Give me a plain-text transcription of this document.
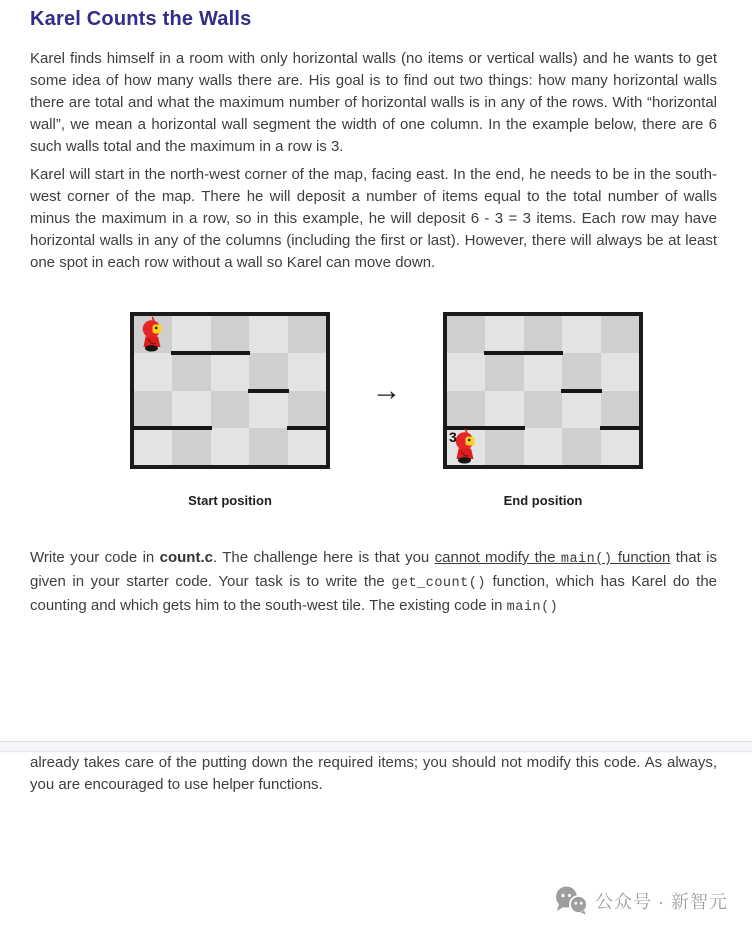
Karel Counts the Walls

Karel finds himself in a room with only horizontal walls (no items or vertical walls) and he wants to get some idea of how many walls there are. His goal is to find out two things: how many horizontal walls there are total and what the maximum number of horizontal walls is in any of the rows. With “horizontal wall”, we mean a horizontal wall segment the width of one column. In the example below, there are 6 such walls total and the maximum in a row is 3.

Karel will start in the north-west corner of the map, facing east. In the end, he needs to be in the south-west corner of the map. There he will deposit a number of items equal to the total number of walls minus the maximum in a row, so in this example, he will deposit 6 - 3 = 3 items. Each row may have horizontal walls in any of the columns (including the first or last). However, there will always be at least one spot in each row without a wall so Karel can move down.

Start position
→
3
End position

Write your code in count.c. The challenge here is that you cannot modify the main() function that is given in your starter code. Your task is to write the get_count() function, which has Karel do the counting and which gets him to the south-west tile. The existing code in main()

already takes care of the putting down the required items; you should not modify this code. As always, you are encouraged to use helper functions.

公众号 · 新智元
